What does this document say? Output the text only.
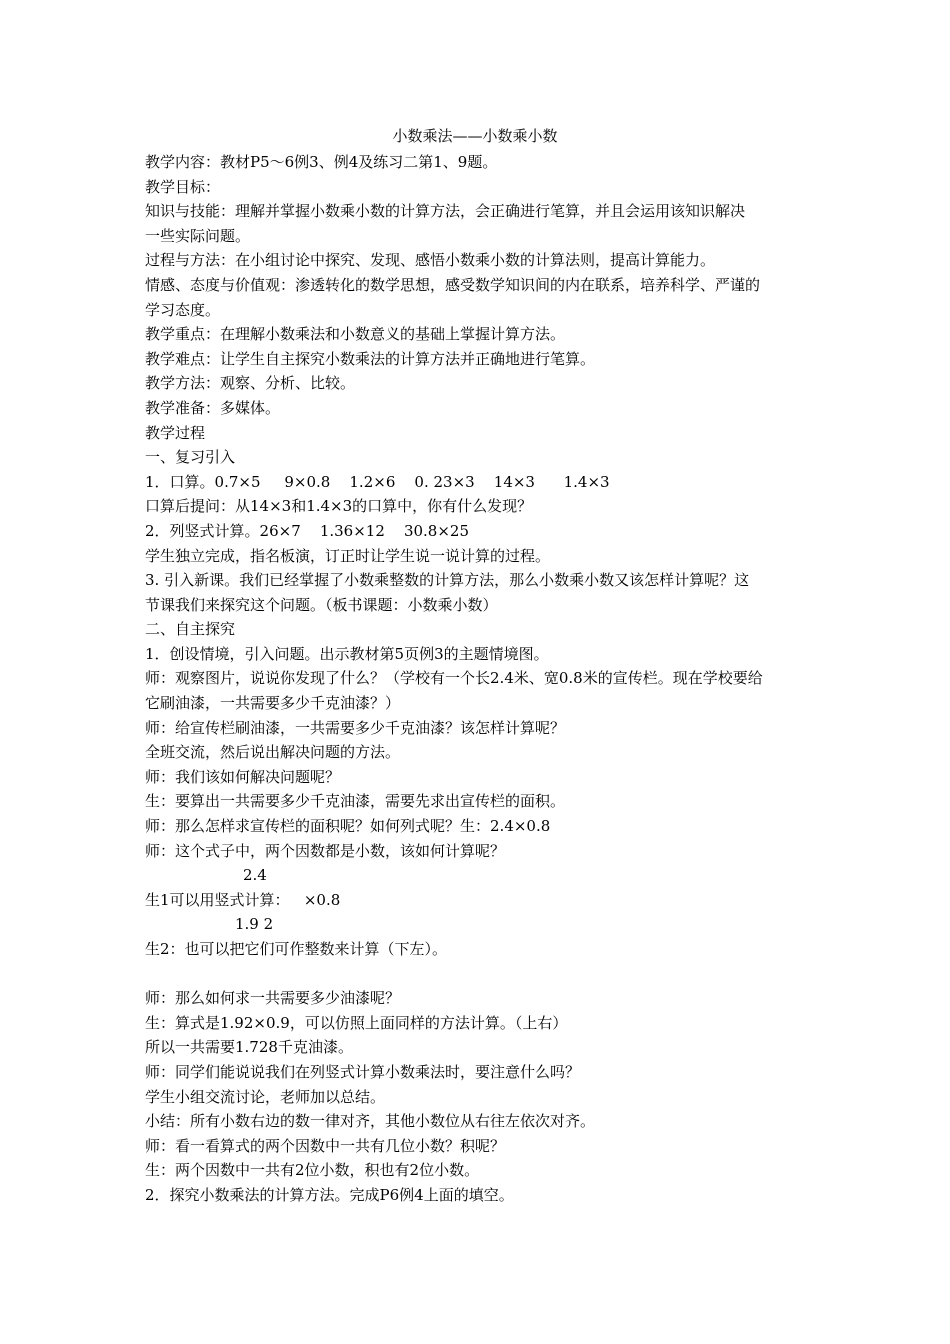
小数乘法——小数乘小数

教学内容：教材P5～6例3、例4及练习二第1、9题。

教学目标：

知识与技能：理解并掌握小数乘小数的计算方法，会正确进行笔算，并且会运用该知识解决

一些实际问题。

过程与方法：在小组讨论中探究、发现、感悟小数乘小数的计算法则，提高计算能力。

情感、态度与价值观：渗透转化的数学思想，感受数学知识间的内在联系，培养科学、严谨的

学习态度。

教学重点：在理解小数乘法和小数意义的基础上掌握计算方法。

教学难点：让学生自主探究小数乘法的计算方法并正确地进行笔算。

教学方法：观察、分析、比较。

教学准备：多媒体。

教学过程

一、复习引入

1．口算。0.7×5     9×0.8    1.2×6    0. 23×3    14×3      1.4×3

口算后提问：从14×3和1.4×3的口算中，你有什么发现？

2．列竖式计算。26×7    1.36×12    30.8×25

学生独立完成，指名板演，订正时让学生说一说计算的过程。

3. 引入新课。我们已经掌握了小数乘整数的计算方法，那么小数乘小数又该怎样计算呢？这

节课我们来探究这个问题。（板书课题：小数乘小数）

二、自主探究

1．创设情境，引入问题。出示教材第5页例3的主题情境图。

师：观察图片，说说你发现了什么？（学校有一个长2.4米、宽0.8米的宣传栏。现在学校要给

它刷油漆，一共需要多少千克油漆？）

师：给宣传栏刷油漆，一共需要多少千克油漆？该怎样计算呢？

全班交流，然后说出解决问题的方法。

师：我们该如何解决问题呢？

生：要算出一共需要多少千克油漆，需要先求出宣传栏的面积。

师：那么怎样求宣传栏的面积呢？如何列式呢？生：2.4×0.8

师：这个式子中，两个因数都是小数，该如何计算呢？

2.4

生1可以用竖式计算：   ×0.8

1.9 2

生2：也可以把它们可作整数来计算（下左）。

师：那么如何求一共需要多少油漆呢？

生：算式是1.92×0.9，可以仿照上面同样的方法计算。（上右）

所以一共需要1.728千克油漆。

师：同学们能说说我们在列竖式计算小数乘法时，要注意什么吗？

学生小组交流讨论，老师加以总结。

小结：所有小数右边的数一律对齐，其他小数位从右往左依次对齐。

师：看一看算式的两个因数中一共有几位小数？积呢？

生：两个因数中一共有2位小数，积也有2位小数。

2．探究小数乘法的计算方法。完成P6例4上面的填空。
